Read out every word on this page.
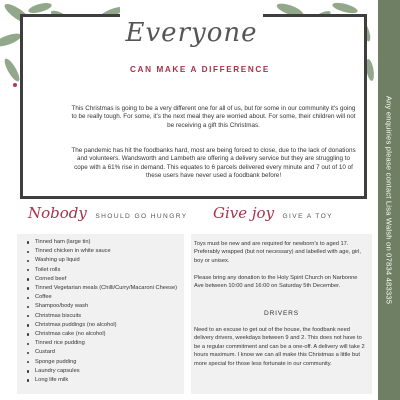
This Christmas is going to be a very different one for all of us, but for some in our community it's going to be really tough. For some, it's the next meal they are worried about. For some, their children will not be receiving a gift this Christmas.
The pandemic has hit the foodbanks hard, most are being forced to close, due to the lack of donations and volunteers. Wandsworth and Lambeth are offering a delivery service but they are struggling to cope with a 61% rise in demand. This equates to 6 parcels delivered every minute and 7 out of 10 of these users have never used a foodbank before!
Everyone
CAN MAKE A DIFFERENCE
Nobody SHOULD GO HUNGRY
Tinned ham (large tin)
Tinned chicken in white sauce
Washing up liquid
Toilet rolls
Corned beef
Tinned Vegetarian meals (Chilli/Curry/Macaroni Cheese)
Coffee
Shampoo/body wash
Christmas biscuits
Christmas puddings (no alcohol)
Christmas cake (no alcohol)
Tinned rice pudding
Custard
Sponge pudding
Laundry capsules
Long life milk
Give joy GIVE A TOY
Toys must be new and are required for newborn's to aged 17. Preferably wrapped (but not necessary) and labelled with age, girl, boy or unisex.
Please bring any donation to the Holy Spirit Church on Narbonne Ave between 10:00 and 16:00 on Saturday 5th December.
DRIVERS
Need to an excuse to get out of the house, the foodbank need delivery drivers, weekdays between 9 and 2. This does not have to be a regular commitment and can be a one-off. A delivery will take 2 hours maximum. I know we can all make this Christmas a little but more special for those less fortunate in our community.
Any enquiries please contact Lisa Walsh on 07834 483335
